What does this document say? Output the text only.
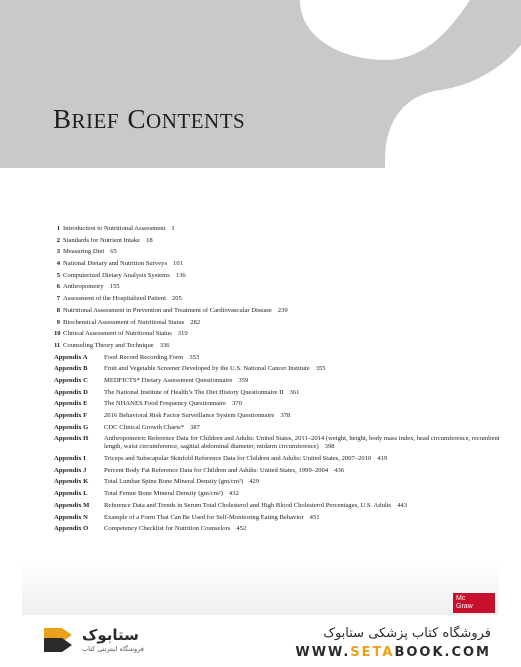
BRIEF CONTENTS
1 Introduction to Nutritional Assessment 1
2 Standards for Nutrient Intake 18
3 Measuring Diet 65
4 National Dietary and Nutrition Surveys 101
5 Computerized Dietary Analysis Systems 136
6 Anthropometry 155
7 Assessment of the Hospitalized Patient 205
8 Nutritional Assessment in Prevention and Treatment of Cardiovascular Disease 239
9 Biochemical Assessment of Nutritional Status 282
10 Clinical Assessment of Nutritional Status 319
11 Counseling Theory and Technique 336
Appendix A	Food Record Recording Form 353
Appendix B	Fruit and Vegetable Screener Developed by the U.S. National Cancer Institute 355
Appendix C	MEDFICTS* Dietary Assessment Questionnaire 359
Appendix D	The National Institute of Health’s The Diet History Questionnaire II 361
Appendix E	The NHANES Food Frequency Questionnaire 370
Appendix F	2016 Behavioral Risk Factor Surveillance System Questionnaire 378
Appendix G	CDC Clinical Growth Charts* 387
Appendix H	Anthropometric Reference Data for Children and Adults: United States, 2011–2014 (weight, height, body mass index, head circumference, recumbent length, waist circumference, sagittal abdominal diameter, midarm circumference) 398
Appendix I	Triceps and Subscapular Skinfold Reference Data for Children and Adults: United States, 2007–2010 419
Appendix J	Percent Body Fat Reference Data for Children and Adults: United States, 1999–2004 436
Appendix K	Total Lumbar Spine Bone Mineral Density (gm/cm²) 429
Appendix L	Total Femur Bone Mineral Density (gm/cm²) 432
Appendix M	Reference Data and Trends in Serum Total Cholesterol and High Blood Cholesterol Percentages, U.S. Adults 443
Appendix N	Example of a Form That Can Be Used for Self-Monitoring Eating Behavior 451
Appendix O	Competency Checklist for Nutrition Counselors 452
Mc
Graw
ستابوک
فروشگاه اینترنتی کتاب
فروشگاه کتاب پزشکی ستابوک
WWW.SETABOOK.COM
